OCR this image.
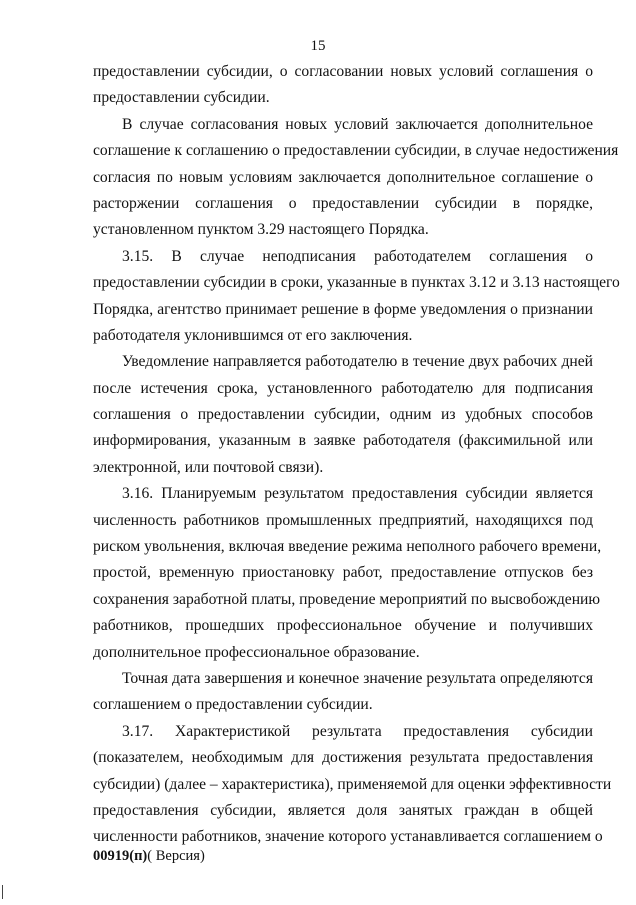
15
предоставлении субсидии, о согласовании новых условий соглашения о
предоставлении субсидии.
В случае согласования новых условий заключается дополнительное
соглашение к соглашению о предоставлении субсидии, в случае недостижения
согласия по новым условиям заключается дополнительное соглашение о
расторжении соглашения о предоставлении субсидии в порядке,
установленном пунктом 3.29 настоящего Порядка.
3.15. В случае неподписания работодателем соглашения о
предоставлении субсидии в сроки, указанные в пунктах 3.12 и 3.13 настоящего
Порядка, агентство принимает решение в форме уведомления о признании
работодателя уклонившимся от его заключения.
Уведомление направляется работодателю в течение двух рабочих дней
после истечения срока, установленного работодателю для подписания
соглашения о предоставлении субсидии, одним из удобных способов
информирования, указанным в заявке работодателя (факсимильной или
электронной, или почтовой связи).
3.16. Планируемым результатом предоставления субсидии является
численность работников промышленных предприятий, находящихся под
риском увольнения, включая введение режима неполного рабочего времени,
простой, временную приостановку работ, предоставление отпусков без
сохранения заработной платы, проведение мероприятий по высвобождению
работников, прошедших профессиональное обучение и получивших
дополнительное профессиональное образование.
Точная дата завершения и конечное значение результата определяются
соглашением о предоставлении субсидии.
3.17. Характеристикой результата предоставления субсидии
(показателем, необходимым для достижения результата предоставления
субсидии) (далее – характеристика), применяемой для оценки эффективности
предоставления субсидии, является доля занятых граждан в общей
численности работников, значение которого устанавливается соглашением о
00919(п)( Версия)
